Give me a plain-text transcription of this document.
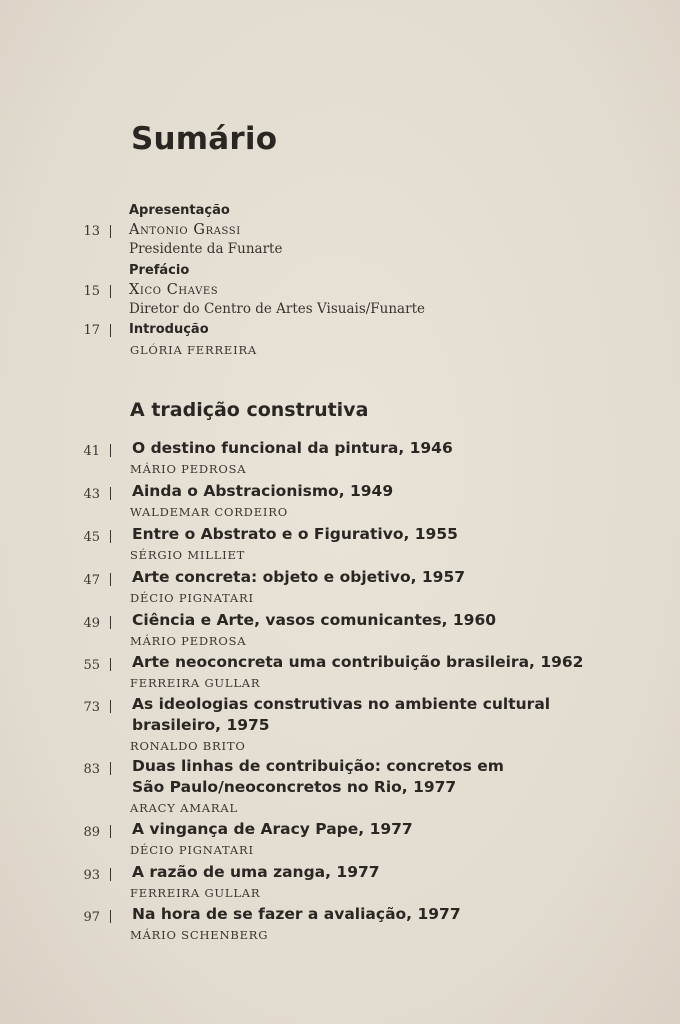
Sumário
Apresentação
13 Antonio Grassi
Presidente da Funarte
Prefácio
15 Xico Chaves
Diretor do Centro de Artes Visuais/Funarte
17 Introdução
GLÓRIA FERREIRA
A tradição construtiva
41 O destino funcional da pintura, 1946
MÁRIO PEDROSA
43 Ainda o Abstracionismo, 1949
WALDEMAR CORDEIRO
45 Entre o Abstrato e o Figurativo, 1955
SÉRGIO MILLIET
47 Arte concreta: objeto e objetivo, 1957
DÉCIO PIGNATARI
49 Ciência e Arte, vasos comunicantes, 1960
MÁRIO PEDROSA
55 Arte neoconcreta uma contribuição brasileira, 1962
FERREIRA GULLAR
73 As ideologias construtivas no ambiente cultural brasileiro, 1975
RONALDO BRITO
83 Duas linhas de contribuição: concretos em São Paulo/neoconcretos no Rio, 1977
ARACY AMARAL
89 A vingança de Aracy Pape, 1977
DÉCIO PIGNATARI
93 A razão de uma zanga, 1977
FERREIRA GULLAR
97 Na hora de se fazer a avaliação, 1977
MÁRIO SCHENBERG
